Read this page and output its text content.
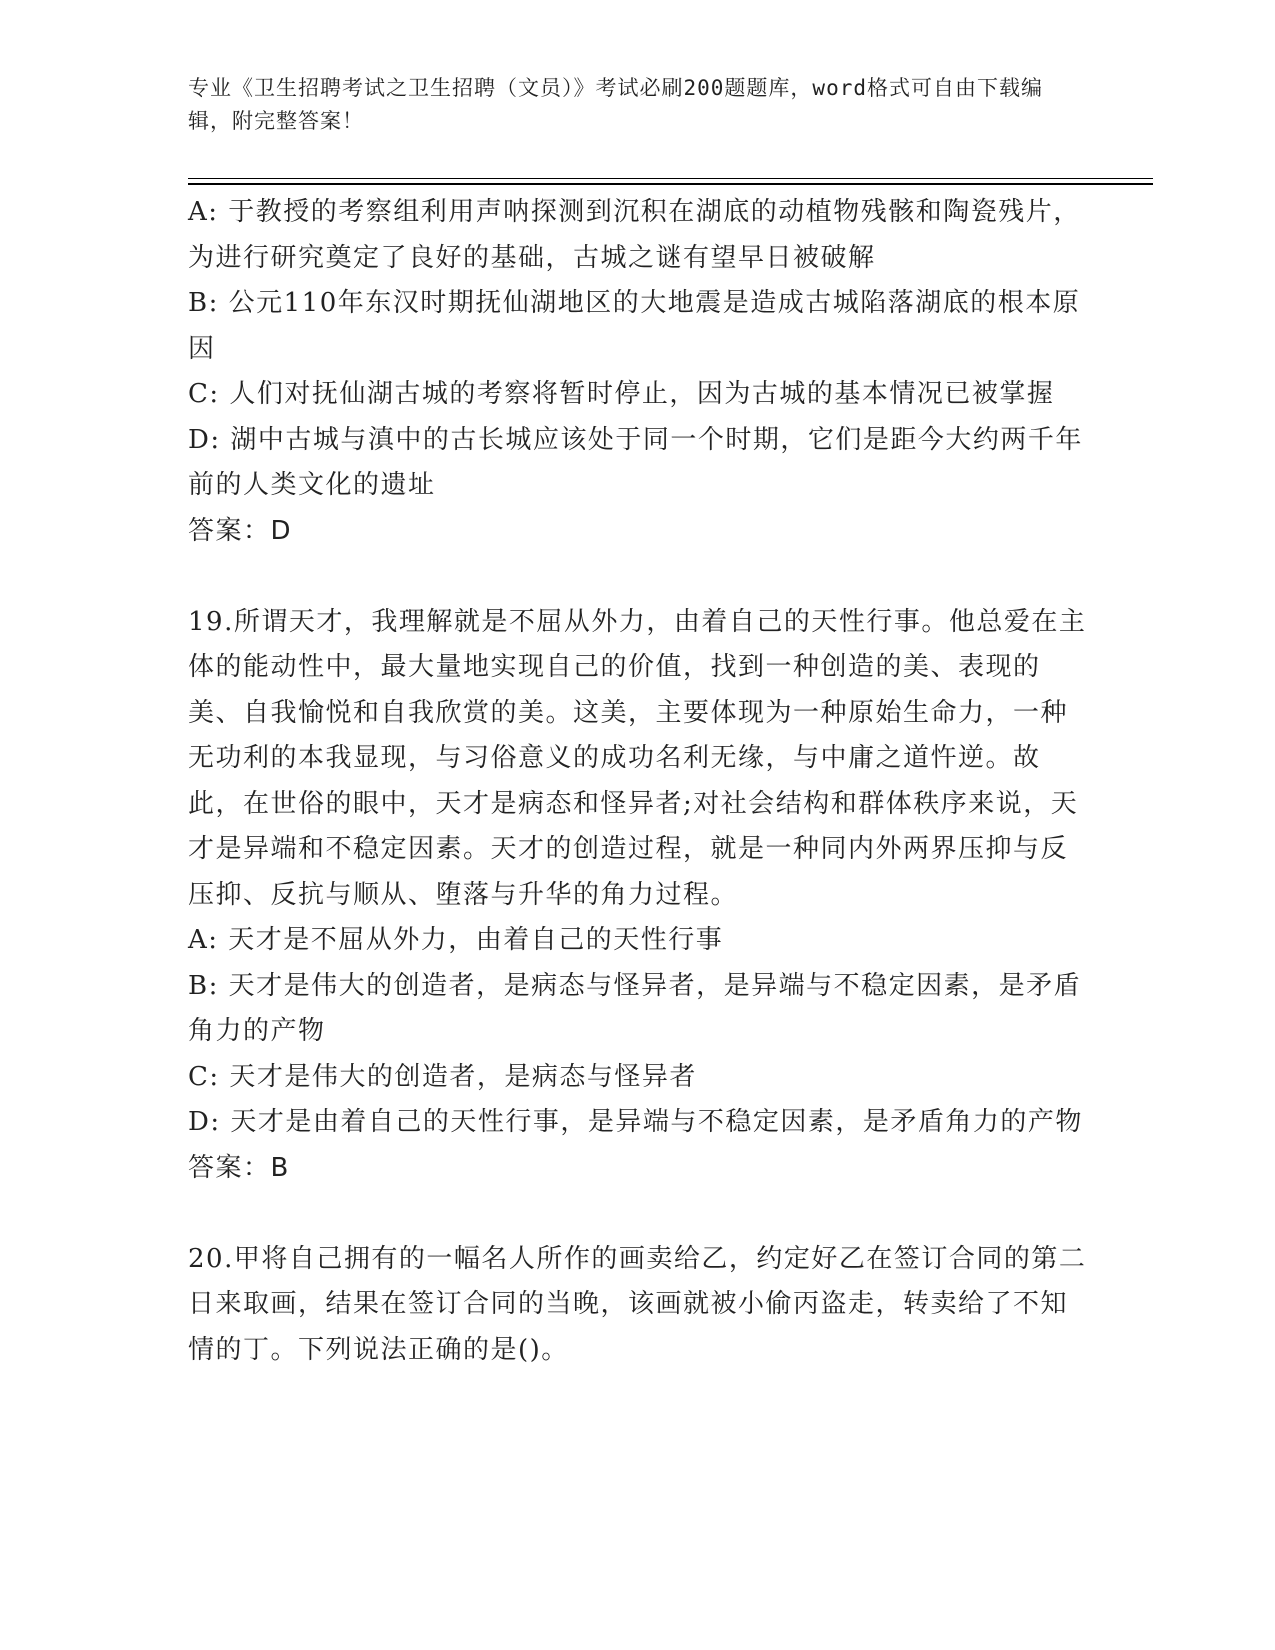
专业《卫生招聘考试之卫生招聘（文员）》考试必刷200题题库，word格式可自由下载编辑，附完整答案！

A: 于教授的考察组利用声呐探测到沉积在湖底的动植物残骸和陶瓷残片，为进行研究奠定了良好的基础，古城之谜有望早日被破解

B: 公元110年东汉时期抚仙湖地区的大地震是造成古城陷落湖底的根本原因

C: 人们对抚仙湖古城的考察将暂时停止，因为古城的基本情况已被掌握

D: 湖中古城与滇中的古长城应该处于同一个时期，它们是距今大约两千年前的人类文化的遗址

答案：D

19.所谓天才，我理解就是不屈从外力，由着自己的天性行事。他总爱在主体的能动性中，最大量地实现自己的价值，找到一种创造的美、表现的美、自我愉悦和自我欣赏的美。这美，主要体现为一种原始生命力，一种无功利的本我显现，与习俗意义的成功名利无缘，与中庸之道忤逆。故此，在世俗的眼中，天才是病态和怪异者;对社会结构和群体秩序来说，天才是异端和不稳定因素。天才的创造过程，就是一种同内外两界压抑与反压抑、反抗与顺从、堕落与升华的角力过程。

A: 天才是不屈从外力，由着自己的天性行事

B: 天才是伟大的创造者，是病态与怪异者，是异端与不稳定因素，是矛盾角力的产物

C: 天才是伟大的创造者，是病态与怪异者

D: 天才是由着自己的天性行事，是异端与不稳定因素，是矛盾角力的产物

答案：B

20.甲将自己拥有的一幅名人所作的画卖给乙，约定好乙在签订合同的第二日来取画，结果在签订合同的当晚，该画就被小偷丙盗走，转卖给了不知情的丁。下列说法正确的是()。
